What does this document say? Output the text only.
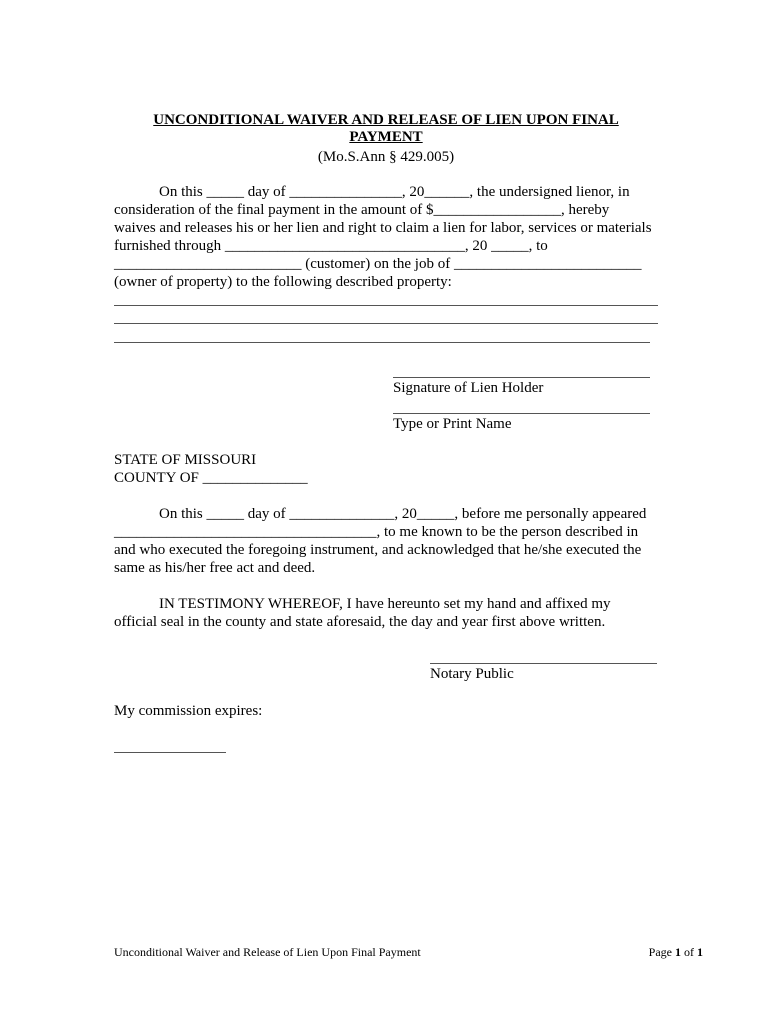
UNCONDITIONAL WAIVER AND RELEASE OF LIEN UPON FINAL
PAYMENT
(Mo.S.Ann § 429.005)
On this _____ day of _______________, 20______, the undersigned lienor, in
consideration of the final payment in the amount of $_________________, hereby
waives and releases his or her lien and right to claim a lien for labor, services or materials
furnished through ________________________________, 20 _____, to
_________________________ (customer) on the job of _________________________
(owner of property) to the following described property:
Signature of Lien Holder
Type or Print Name
STATE OF MISSOURI
COUNTY OF ______________
On this _____ day of ______________, 20_____, before me personally appeared
___________________________________, to me known to be the person described in
and who executed the foregoing instrument, and acknowledged that he/she executed the
same as his/her free act and deed.
IN TESTIMONY WHEREOF, I have hereunto set my hand and affixed my
official seal in the county and state aforesaid, the day and year first above written.
Notary Public
My commission expires:
Unconditional Waiver and Release of Lien Upon Final Payment	Page 1 of 1
